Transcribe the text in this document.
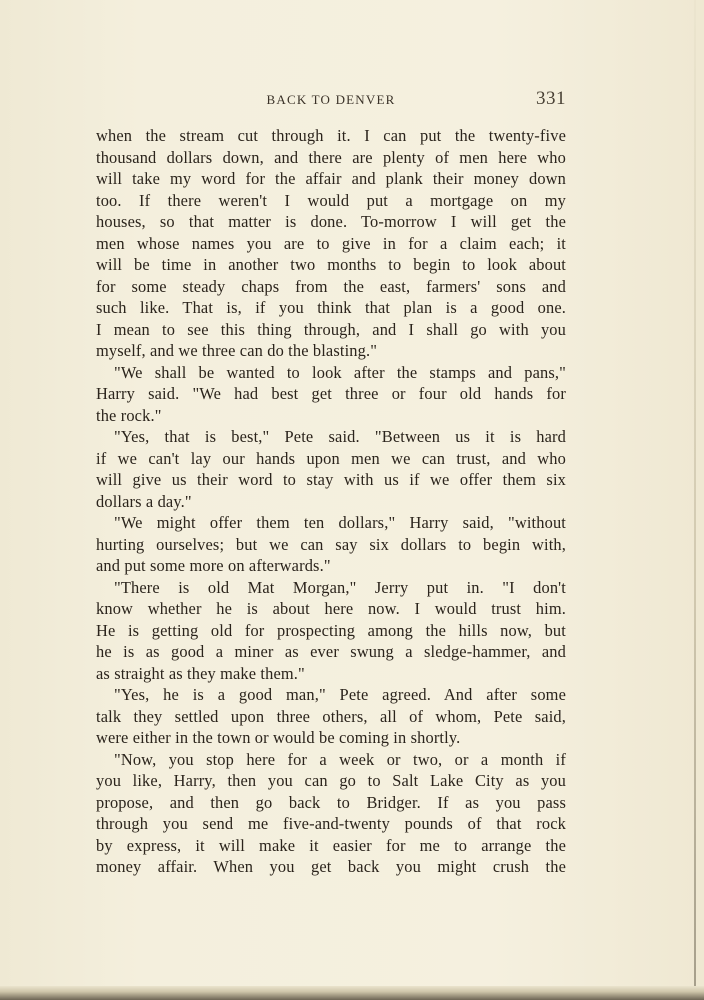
BACK TO DENVER	331
when the stream cut through it. I can put the twenty-five
thousand dollars down, and there are plenty of men here who
will take my word for the affair and plank their money down
too. If there weren't I would put a mortgage on my
houses, so that matter is done. To-morrow I will get the
men whose names you are to give in for a claim each; it
will be time in another two months to begin to look about
for some steady chaps from the east, farmers' sons and
such like. That is, if you think that plan is a good one.
I mean to see this thing through, and I shall go with you
myself, and we three can do the blasting."
"We shall be wanted to look after the stamps and pans,"
Harry said. "We had best get three or four old hands for
the rock."
"Yes, that is best," Pete said. "Between us it is hard
if we can't lay our hands upon men we can trust, and who
will give us their word to stay with us if we offer them six
dollars a day."
"We might offer them ten dollars," Harry said, "without
hurting ourselves; but we can say six dollars to begin with,
and put some more on afterwards."
"There is old Mat Morgan," Jerry put in. "I don't
know whether he is about here now. I would trust him.
He is getting old for prospecting among the hills now, but
he is as good a miner as ever swung a sledge-hammer, and
as straight as they make them."
"Yes, he is a good man," Pete agreed. And after some
talk they settled upon three others, all of whom, Pete said,
were either in the town or would be coming in shortly.
"Now, you stop here for a week or two, or a month if
you like, Harry, then you can go to Salt Lake City as you
propose, and then go back to Bridger. If as you pass
through you send me five-and-twenty pounds of that rock
by express, it will make it easier for me to arrange the
money affair. When you get back you might crush the
